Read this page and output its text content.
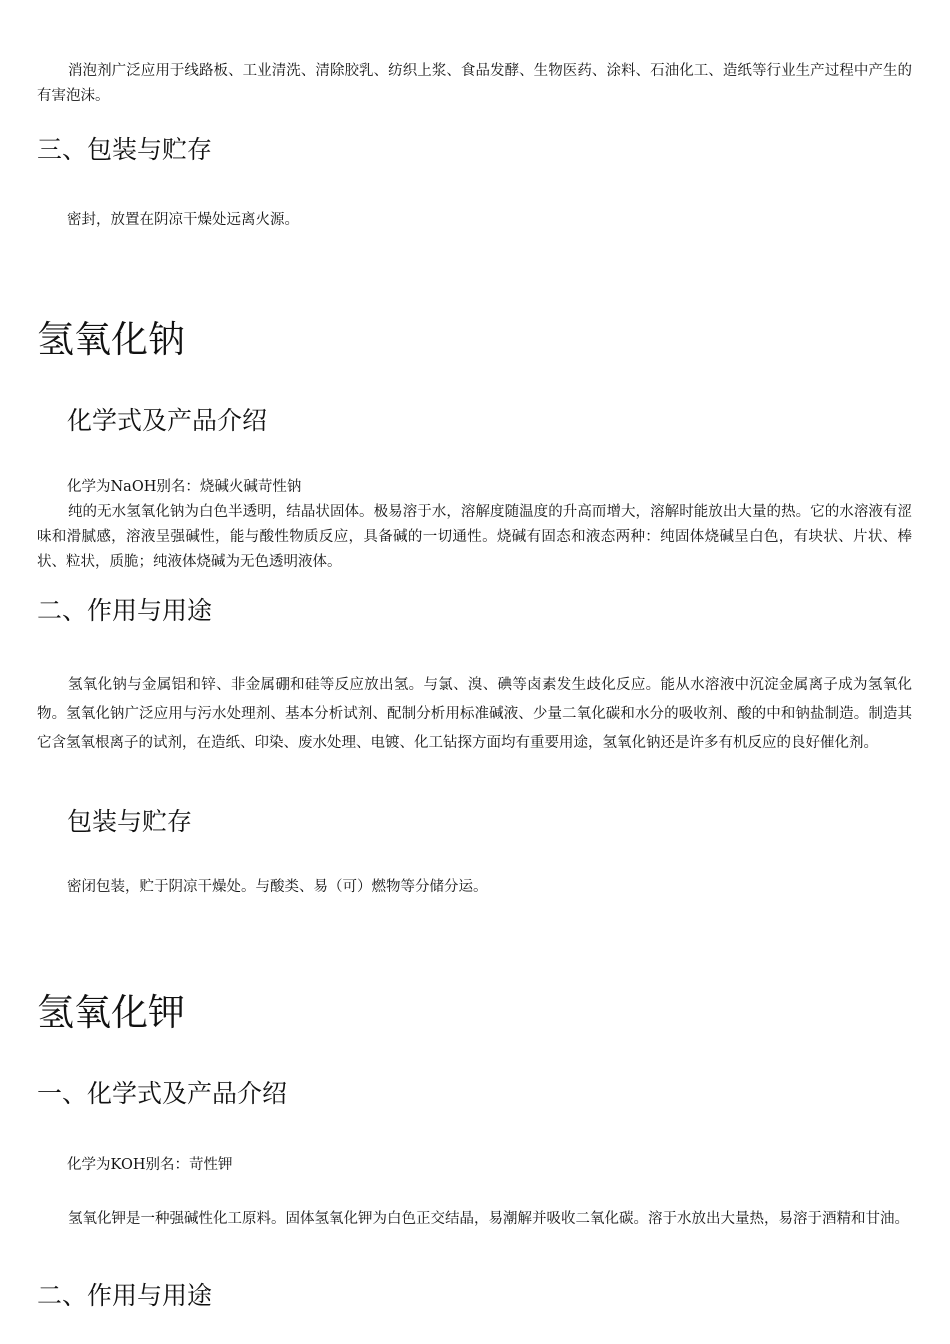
消泡剂广泛应用于线路板、工业清洗、清除胶乳、纺织上浆、食品发酵、生物医药、涂料、石油化工、造纸等行业生产过程中产生的有害泡沫。

三、包装与贮存

密封，放置在阴凉干燥处远离火源。

氢氧化钠
化学式及产品介绍

化学为NaOH别名：烧碱火碱苛性钠

纯的无水氢氧化钠为白色半透明，结晶状固体。极易溶于水，溶解度随温度的升高而增大，溶解时能放出大量的热。它的水溶液有涩味和滑腻感，溶液呈强碱性，能与酸性物质反应，具备碱的一切通性。烧碱有固态和液态两种：纯固体烧碱呈白色，有块状、片状、棒状、粒状，质脆；纯液体烧碱为无色透明液体。

二、作用与用途

氢氧化钠与金属铝和锌、非金属硼和硅等反应放出氢。与氯、溴、碘等卤素发生歧化反应。能从水溶液中沉淀金属离子成为氢氧化物。氢氧化钠广泛应用与污水处理剂、基本分析试剂、配制分析用标准碱液、少量二氧化碳和水分的吸收剂、酸的中和钠盐制造。制造其它含氢氧根离子的试剂，在造纸、印染、废水处理、电镀、化工钻探方面均有重要用途，氢氧化钠还是许多有机反应的良好催化剂。

包装与贮存

密闭包装，贮于阴凉干燥处。与酸类、易（可）燃物等分储分运。

氢氧化钾
一、化学式及产品介绍

化学为KOH别名：苛性钾

氢氧化钾是一种强碱性化工原料。固体氢氧化钾为白色正交结晶，易潮解并吸收二氧化碳。溶于水放出大量热，易溶于酒精和甘油。

二、作用与用途
